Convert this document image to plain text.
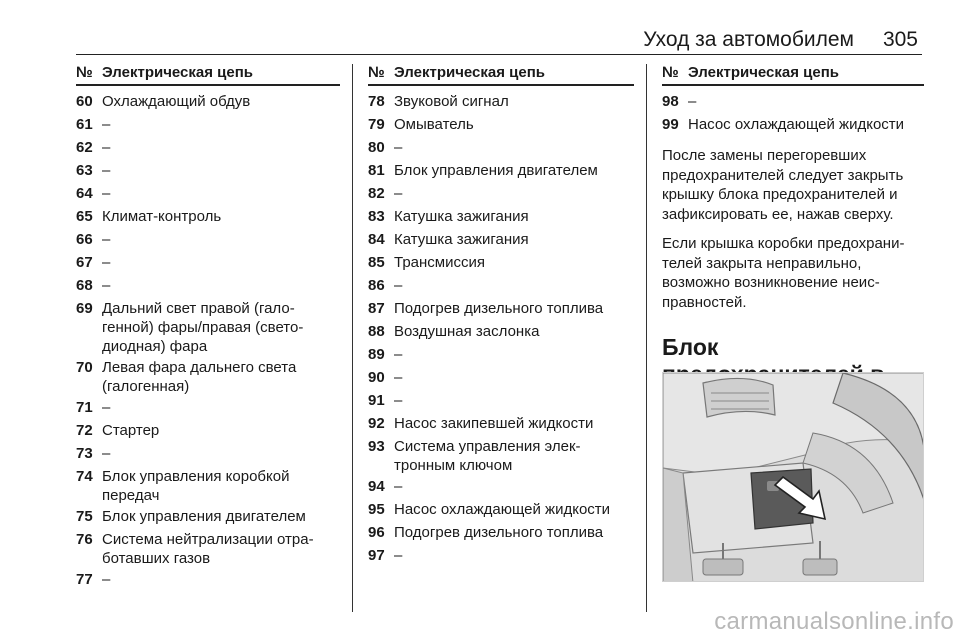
Уход за автомобилем 305
№ Электрическая цепь
60 Охлаждающий обдув
61 –
62 –
63 –
64 –
65 Климат-контроль
66 –
67 –
68 –
69 Дальний свет правой (галогенной) фары/правая (светодиодная) фара
70 Левая фара дальнего света (галогенная)
71 –
72 Стартер
73 –
74 Блок управления коробкой передач
75 Блок управления двигателем
76 Система нейтрализации отработавших газов
77 –
№ Электрическая цепь
78 Звуковой сигнал
79 Омыватель
80 –
81 Блок управления двигателем
82 –
83 Катушка зажигания
84 Катушка зажигания
85 Трансмиссия
86 –
87 Подогрев дизельного топлива
88 Воздушная заслонка
89 –
90 –
91 –
92 Насос закипевшей жидкости
93 Система управления электронным ключом
94 –
95 Насос охлаждающей жидкости
96 Подогрев дизельного топлива
97 –
№ Электрическая цепь
98 –
99 Насос охлаждающей жидкости

После замены перегоревших предохранителей следует закрыть крышку блока предохранителей и зафиксировать ее, нажав сверху.

Если крышка коробки предохранителей закрыта неправильно, возможно возникновение неисправностей.

Блок
carmanualsonline.info
